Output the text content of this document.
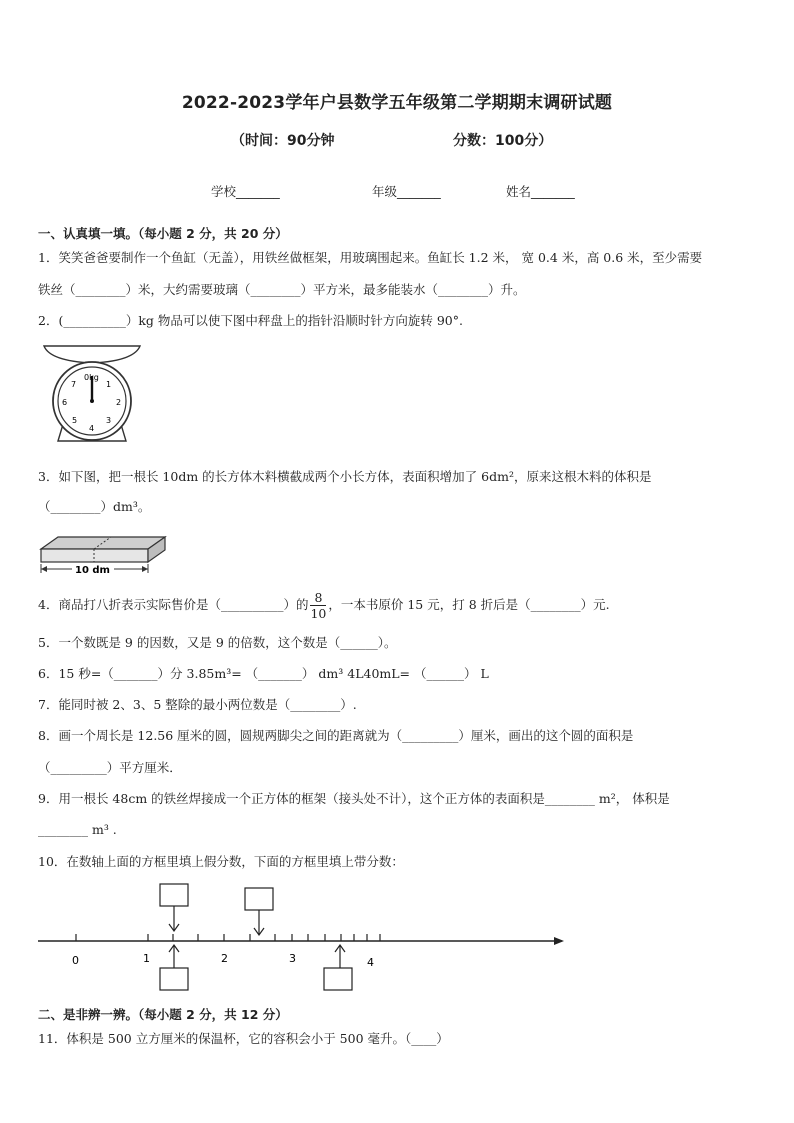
2022-2023学年户县数学五年级第二学期期末调研试题
（时间：90分钟	分数：100分）
学校_______	年级_______	姓名_______
一、认真填一填。（每小题 2 分，共 20 分）
1．笑笑爸爸要制作一个鱼缸（无盖），用铁丝做框架，用玻璃围起来。鱼缸长 1.2 米， 宽 0.4 米，高 0.6 米，至少需要
铁丝（________）米，大约需要玻璃（________）平方米，最多能装水（________）升。
2．(__________）kg 物品可以使下图中秤盘上的指针沿顺时针方向旋转 90°.
0kg
1
2
3
4
5
6
7
3．如下图，把一根长 10dm 的长方体木料横截成两个小长方体，表面积增加了 6dm²，原来这根木料的体积是
（________）dm³。
10 dm
4．商品打八折表示实际售价是（__________）的 $\frac{8}{10}$ ，一本书原价 15 元，打 8 折后是（________）元.
5．一个数既是 9 的因数，又是 9 的倍数，这个数是（______）。
6．15 秒=（_______）分 3.85m³= （_______） dm³ 4L40mL= （______） L
7．能同时被 2、3、5 整除的最小两位数是（________）.
8．画一个周长是 12.56 厘米的圆，圆规两脚尖之间的距离就为（_________）厘米，画出的这个圆的面积是
（_________）平方厘米．
9．用一根长 48cm 的铁丝焊接成一个正方体的框架（接头处不计），这个正方体的表面积是________ m²， 体积是
________ m³ .
10．在数轴上面的方框里填上假分数，下面的方框里填上带分数：
0	1	2	3	4
二、是非辨一辨。（每小题 2 分，共 12 分）
11．体积是 500 立方厘米的保温杯，它的容积会小于 500 毫升。（____）
